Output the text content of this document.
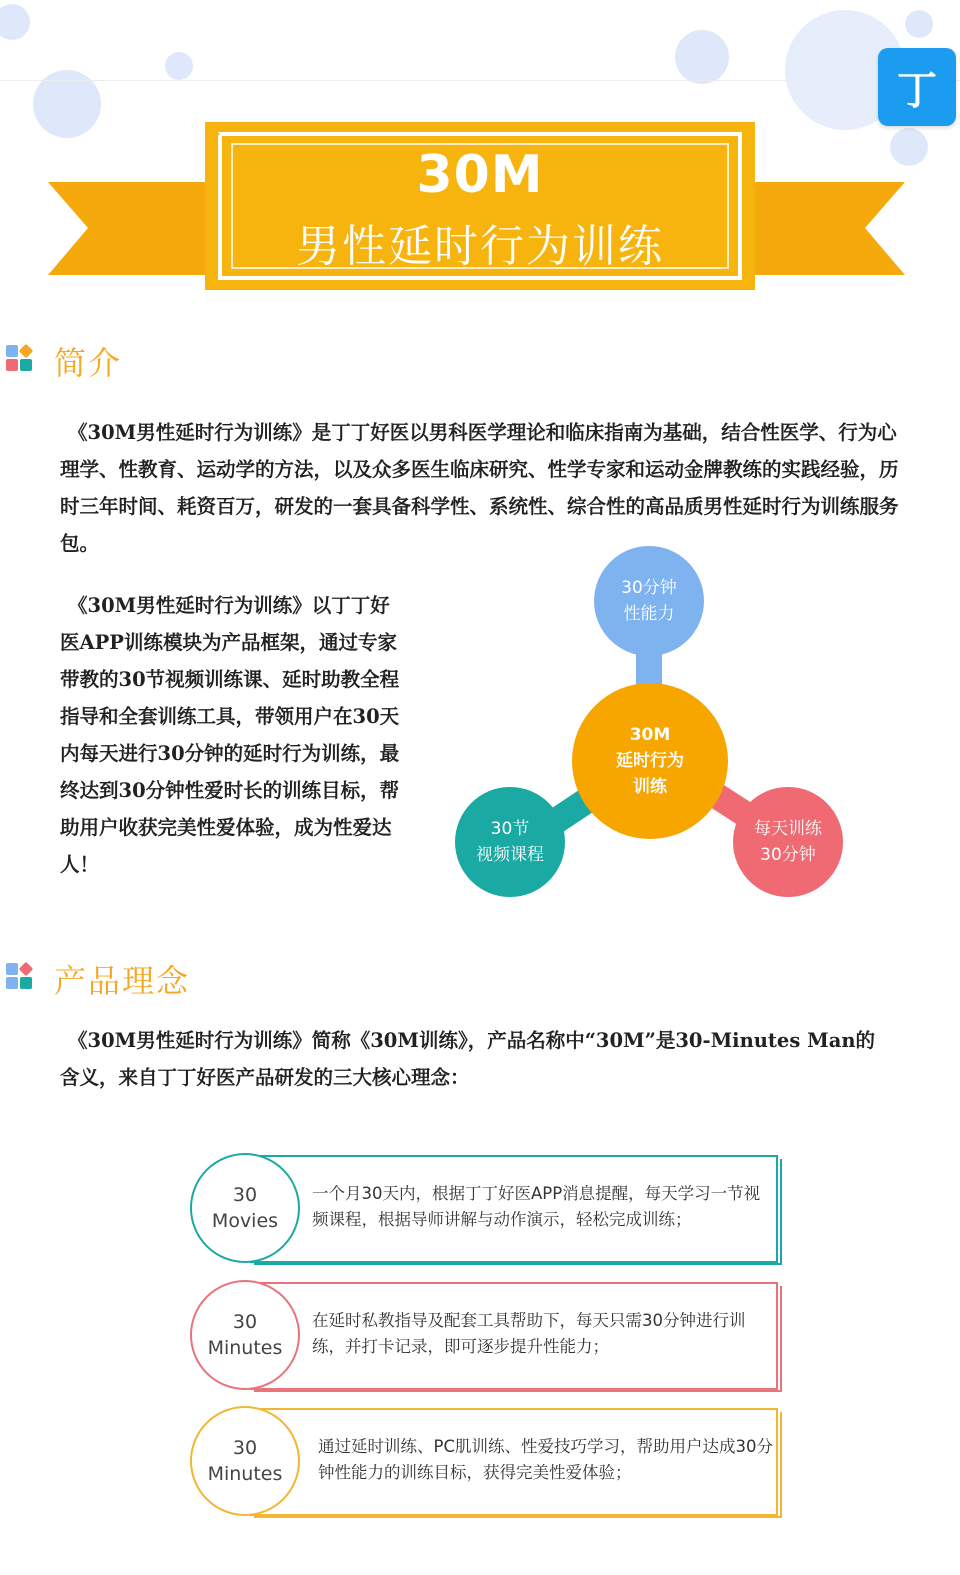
丁
30M
男性延时行为训练
简介
《30M男性延时行为训练》是丁丁好医以男科医学理论和临床指南为基础，结合性医学、行为心理学、性教育、运动学的方法，以及众多医生临床研究、性学专家和运动金牌教练的实践经验，历时三年时间、耗资百万，研发的一套具备科学性、系统性、综合性的高品质男性延时行为训练服务包。
《30M男性延时行为训练》以丁丁好医APP训练模块为产品框架，通过专家带教的30节视频训练课、延时助教全程指导和全套训练工具，带领用户在30天内每天进行30分钟的延时行为训练，最终达到30分钟性爱时长的训练目标，帮助用户收获完美性爱体验，成为性爱达人！
30分钟
性能力
30节
视频课程
每天训练
30分钟
30M
延时行为
训练
产品理念
《30M男性延时行为训练》简称《30M训练》，产品名称中“30M”是30-Minutes Man的含义，来自丁丁好医产品研发的三大核心理念：
30
Movies
一个月30天内，根据丁丁好医APP消息提醒，每天学习一节视频课程，根据导师讲解与动作演示，轻松完成训练；
30
Minutes
在延时私教指导及配套工具帮助下，每天只需30分钟进行训练，并打卡记录，即可逐步提升性能力；
30
Minutes
通过延时训练、PC肌训练、性爱技巧学习，帮助用户达成30分钟性能力的训练目标，获得完美性爱体验；
